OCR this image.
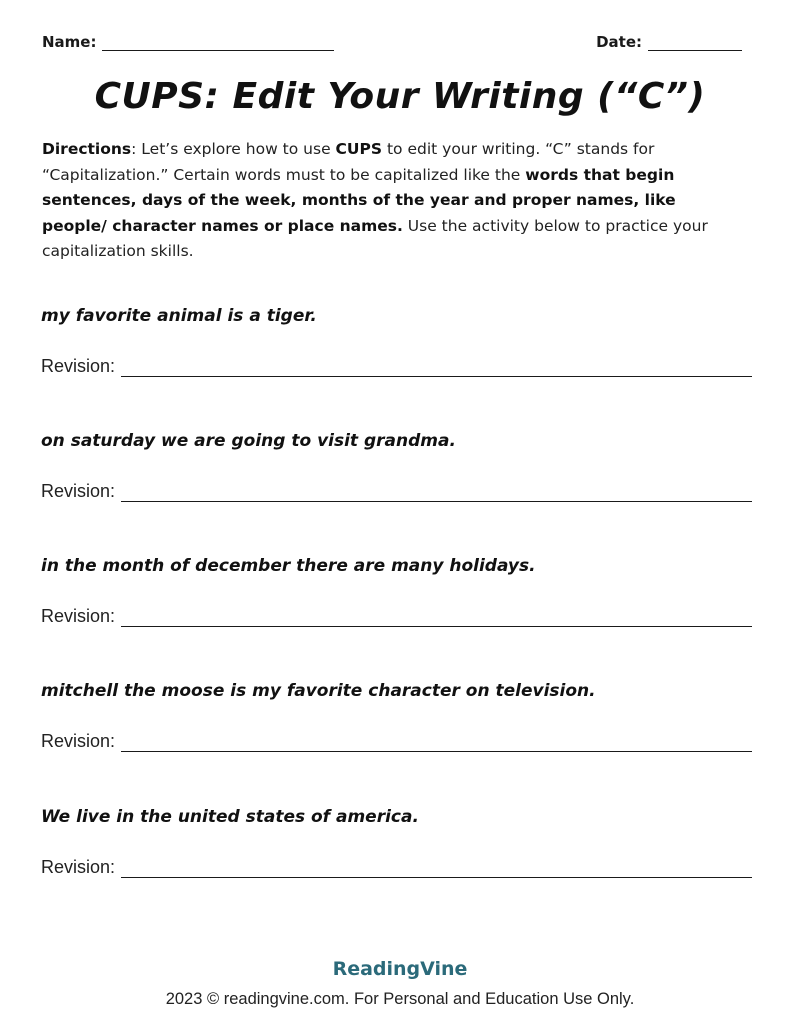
Name:	Date:
CUPS: Edit Your Writing (“C”)
Directions: Let’s explore how to use CUPS to edit your writing. “C” stands for “Capitalization.” Certain words must to be capitalized like the words that begin sentences, days of the week, months of the year and proper names, like people/ character names or place names. Use the activity below to practice your capitalization skills.
my favorite animal is a tiger.
Revision:
on saturday we are going to visit grandma.
Revision:
in the month of december there are many holidays.
Revision:
mitchell the moose is my favorite character on television.
Revision:
We live in the united states of america.
Revision:
ReadingVine
2023 © readingvine.com. For Personal and Education Use Only.
